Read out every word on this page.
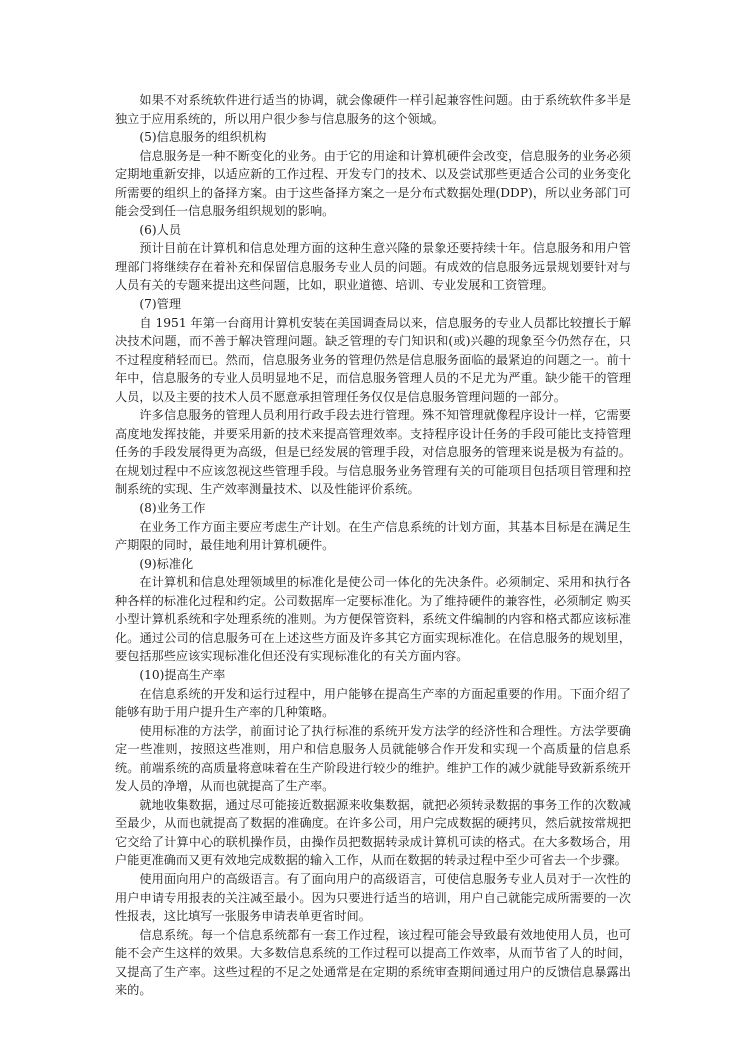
如果不对系统软件进行适当的协调，就会像硬件一样引起兼容性问题。由于系统软件多半是独立于应用系统的，所以用户很少参与信息服务的这个领域。

(5)信息服务的组织机构

信息服务是一种不断变化的业务。由于它的用途和计算机硬件会改变，信息服务的业务必须定期地重新安排，以适应新的工作过程、开发专门的技术、以及尝试那些更适合公司的业务变化所需要的组织上的备择方案。由于这些备择方案之一是分布式数据处理(DDP)，所以业务部门可能会受到任一信息服务组织规划的影响。

(6)人员

预计目前在计算机和信息处理方面的这种生意兴隆的景象还要持续十年。信息服务和用户管理部门将继续存在着补充和保留信息服务专业人员的问题。有成效的信息服务远景规划要针对与人员有关的专题来提出这些问题，比如，职业道德、培训、专业发展和工资管理。

(7)管理

自 1951 年第一台商用计算机安装在美国调查局以来，信息服务的专业人员都比较擅长于解决技术问题，而不善于解决管理问题。缺乏管理的专门知识和(或)兴趣的现象至今仍然存在，只不过程度稍轻而已。然而，信息服务业务的管理仍然是信息服务面临的最紧迫的问题之一。前十年中，信息服务的专业人员明显地不足，而信息服务管理人员的不足尤为严重。缺少能干的管理人员，以及主要的技术人员不愿意承担管理任务仅仅是信息服务管理问题的一部分。

许多信息服务的管理人员利用行政手段去进行管理。殊不知管理就像程序设计一样，它需要高度地发挥技能，并要采用新的技术来提高管理效率。支持程序设计任务的手段可能比支持管理任务的手段发展得更为高级，但是已经发展的管理手段，对信息服务的管理来说是极为有益的。在规划过程中不应该忽视这些管理手段。与信息服务业务管理有关的可能项目包括项目管理和控制系统的实现、生产效率测量技术、以及性能评价系统。

(8)业务工作

在业务工作方面主要应考虑生产计划。在生产信息系统的计划方面，其基本目标是在满足生产期限的同时，最佳地利用计算机硬件。

(9)标准化

在计算机和信息处理领域里的标准化是使公司一体化的先决条件。必须制定、采用和执行各种各样的标准化过程和约定。公司数据库一定要标准化。为了维持硬件的兼容性，必须制定 购买小型计算机系统和字处理系统的准则。为方便保管资料，系统文件编制的内容和格式都应该标准化。通过公司的信息服务可在上述这些方面及许多其它方面实现标准化。在信息服务的规划里，要包括那些应该实现标准化但还没有实现标准化的有关方面内容。

(10)提高生产率

在信息系统的开发和运行过程中，用户能够在提高生产率的方面起重要的作用。下面介绍了能够有助于用户提升生产率的几种策略。

使用标准的方法学，前面讨论了执行标准的系统开发方法学的经济性和合理性。方法学要确定一些准则，按照这些准则，用户和信息服务人员就能够合作开发和实现一个高质量的信息系统。前端系统的高质量将意味着在生产阶段进行较少的维护。维护工作的减少就能导致新系统开发人员的净增，从而也就提高了生产率。

就地收集数据，通过尽可能接近数据源来收集数据，就把必须转录数据的事务工作的次数减至最少，从而也就提高了数据的准确度。在许多公司，用户完成数据的硬拷贝，然后就按常规把它交给了计算中心的联机操作员，由操作员把数据转录成计算机可读的格式。在大多数场合，用户能更准确而又更有效地完成数据的输入工作，从而在数据的转录过程中至少可省去一个步骤。

使用面向用户的高级语言。有了面向用户的高级语言，可使信息服务专业人员对于一次性的用户申请专用报表的关注减至最小。因为只要进行适当的培训，用户自己就能完成所需要的一次性报表，这比填写一张服务申请表单更省时间。

信息系统。每一个信息系统都有一套工作过程，该过程可能会导致最有效地使用人员，也可能不会产生这样的效果。大多数信息系统的工作过程可以提高工作效率，从而节省了人的时间，又提高了生产率。这些过程的不足之处通常是在定期的系统审查期间通过用户的反馈信息暴露出来的。
